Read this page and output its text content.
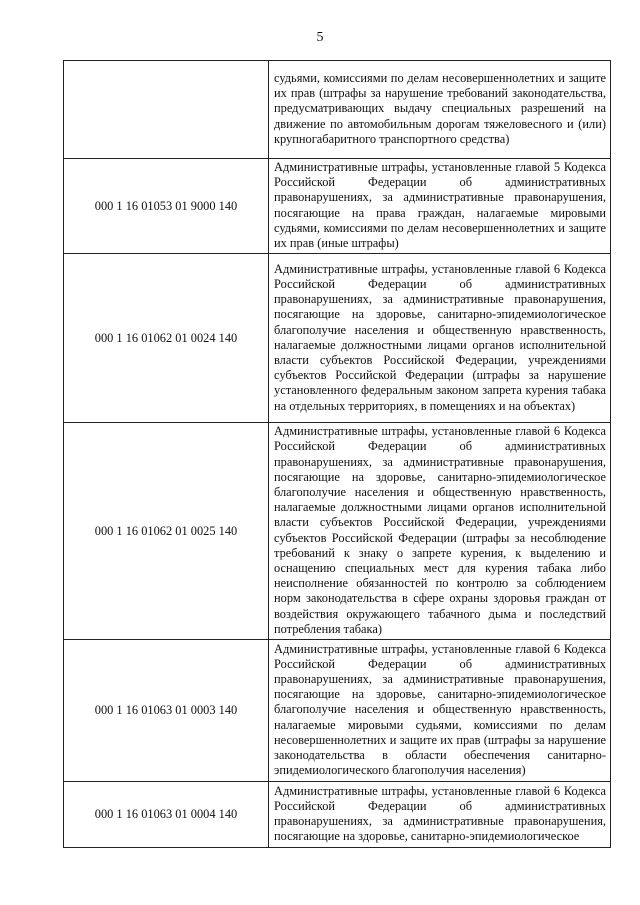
5
	судьями, комиссиями по делам несовершеннолетних и защите их прав (штрафы за нарушение требований законодательства, предусматривающих выдачу специальных разрешений на движение по автомобильным дорогам тяжеловесного и (или) крупногабаритного транспортного средства)
000 1 16 01053 01 9000 140	Административные штрафы, установленные главой 5 Кодекса Российской Федерации об административных правонарушениях, за административные правонарушения, посягающие на права граждан, налагаемые мировыми судьями, комиссиями по делам несовершеннолетних и защите их прав (иные штрафы)
000 1 16 01062 01 0024 140	Административные штрафы, установленные главой 6 Кодекса Российской Федерации об административных правонарушениях, за административные правонарушения, посягающие на здоровье, санитарно-эпидемиологическое благополучие населения и общественную нравственность, налагаемые должностными лицами органов исполнительной власти субъектов Российской Федерации, учреждениями субъектов Российской Федерации (штрафы за нарушение установленного федеральным законом запрета курения табака на отдельных территориях, в помещениях и на объектах)
000 1 16 01062 01 0025 140	Административные штрафы, установленные главой 6 Кодекса Российской Федерации об административных правонарушениях, за административные правонарушения, посягающие на здоровье, санитарно-эпидемиологическое благополучие населения и общественную нравственность, налагаемые должностными лицами органов исполнительной власти субъектов Российской Федерации, учреждениями субъектов Российской Федерации (штрафы за несоблюдение требований к знаку о запрете курения, к выделению и оснащению специальных мест для курения табака либо неисполнение обязанностей по контролю за соблюдением норм законодательства в сфере охраны здоровья граждан от воздействия окружающего табачного дыма и последствий потребления табака)
000 1 16 01063 01 0003 140	Административные штрафы, установленные главой 6 Кодекса Российской Федерации об административных правонарушениях, за административные правонарушения, посягающие на здоровье, санитарно-эпидемиологическое благополучие населения и общественную нравственность, налагаемые мировыми судьями, комиссиями по делам несовершеннолетних и защите их прав (штрафы за нарушение законодательства в области обеспечения санитарно-эпидемиологического благополучия населения)
000 1 16 01063 01 0004 140	Административные штрафы, установленные главой 6 Кодекса Российской Федерации об административных правонарушениях, за административные правонарушения, посягающие на здоровье, санитарно-эпидемиологическое
